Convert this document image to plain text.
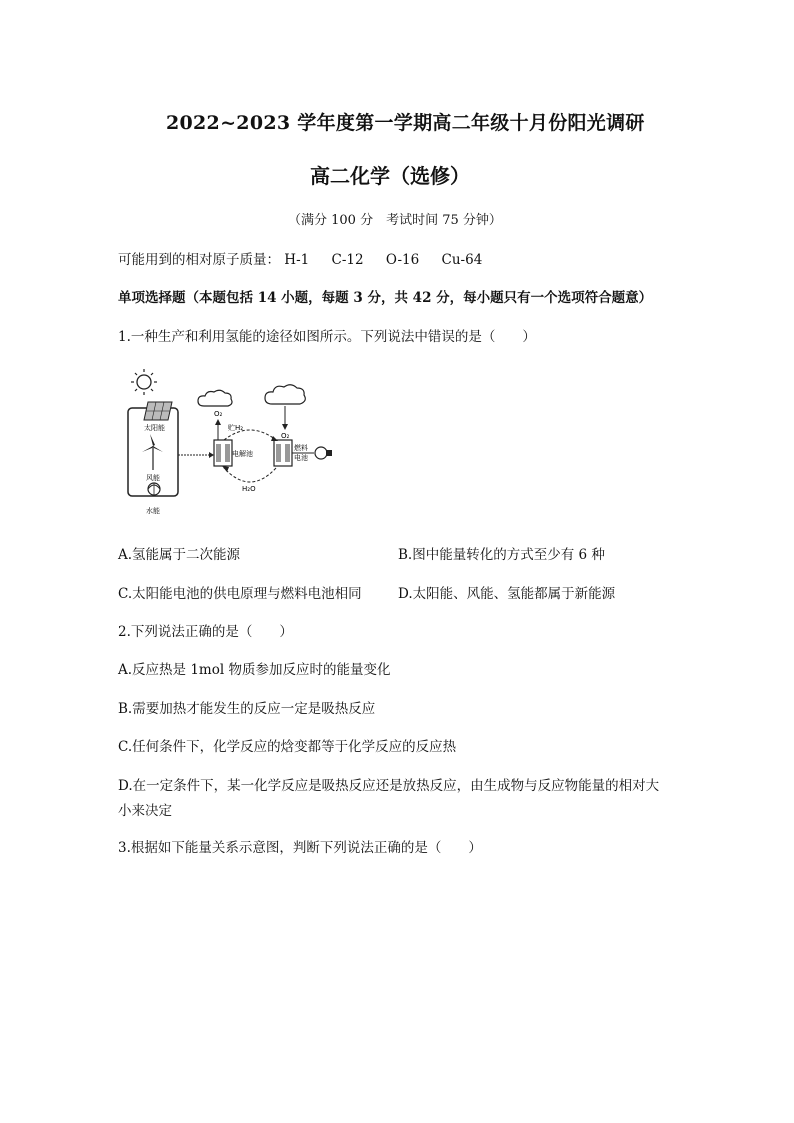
2022~2023 学年度第一学期高二年级十月份阳光调研
高二化学（选修）
（满分 100 分　考试时间 75 分钟）
可能用到的相对原子质量： H-1 C-12 O-16 Cu-64
单项选择题（本题包括 14 小题，每题 3 分，共 42 分，每小题只有一个选项符合题意）
1.一种生产和利用氢能的途径如图所示。下列说法中错误的是（　　）
太阳能
风能
水能
电解池
O₂
贮H₂
H₂O
燃料
电池
O₂
A.氢能属于二次能源	B.图中能量转化的方式至少有 6 种
C.太阳能电池的供电原理与燃料电池相同	D.太阳能、风能、氢能都属于新能源
2.下列说法正确的是（　　）
A.反应热是 1mol 物质参加反应时的能量变化
B.需要加热才能发生的反应一定是吸热反应
C.任何条件下，化学反应的焓变都等于化学反应的反应热
D.在一定条件下，某一化学反应是吸热反应还是放热反应，由生成物与反应物能量的相对大
小来决定
3.根据如下能量关系示意图，判断下列说法正确的是（　　）
